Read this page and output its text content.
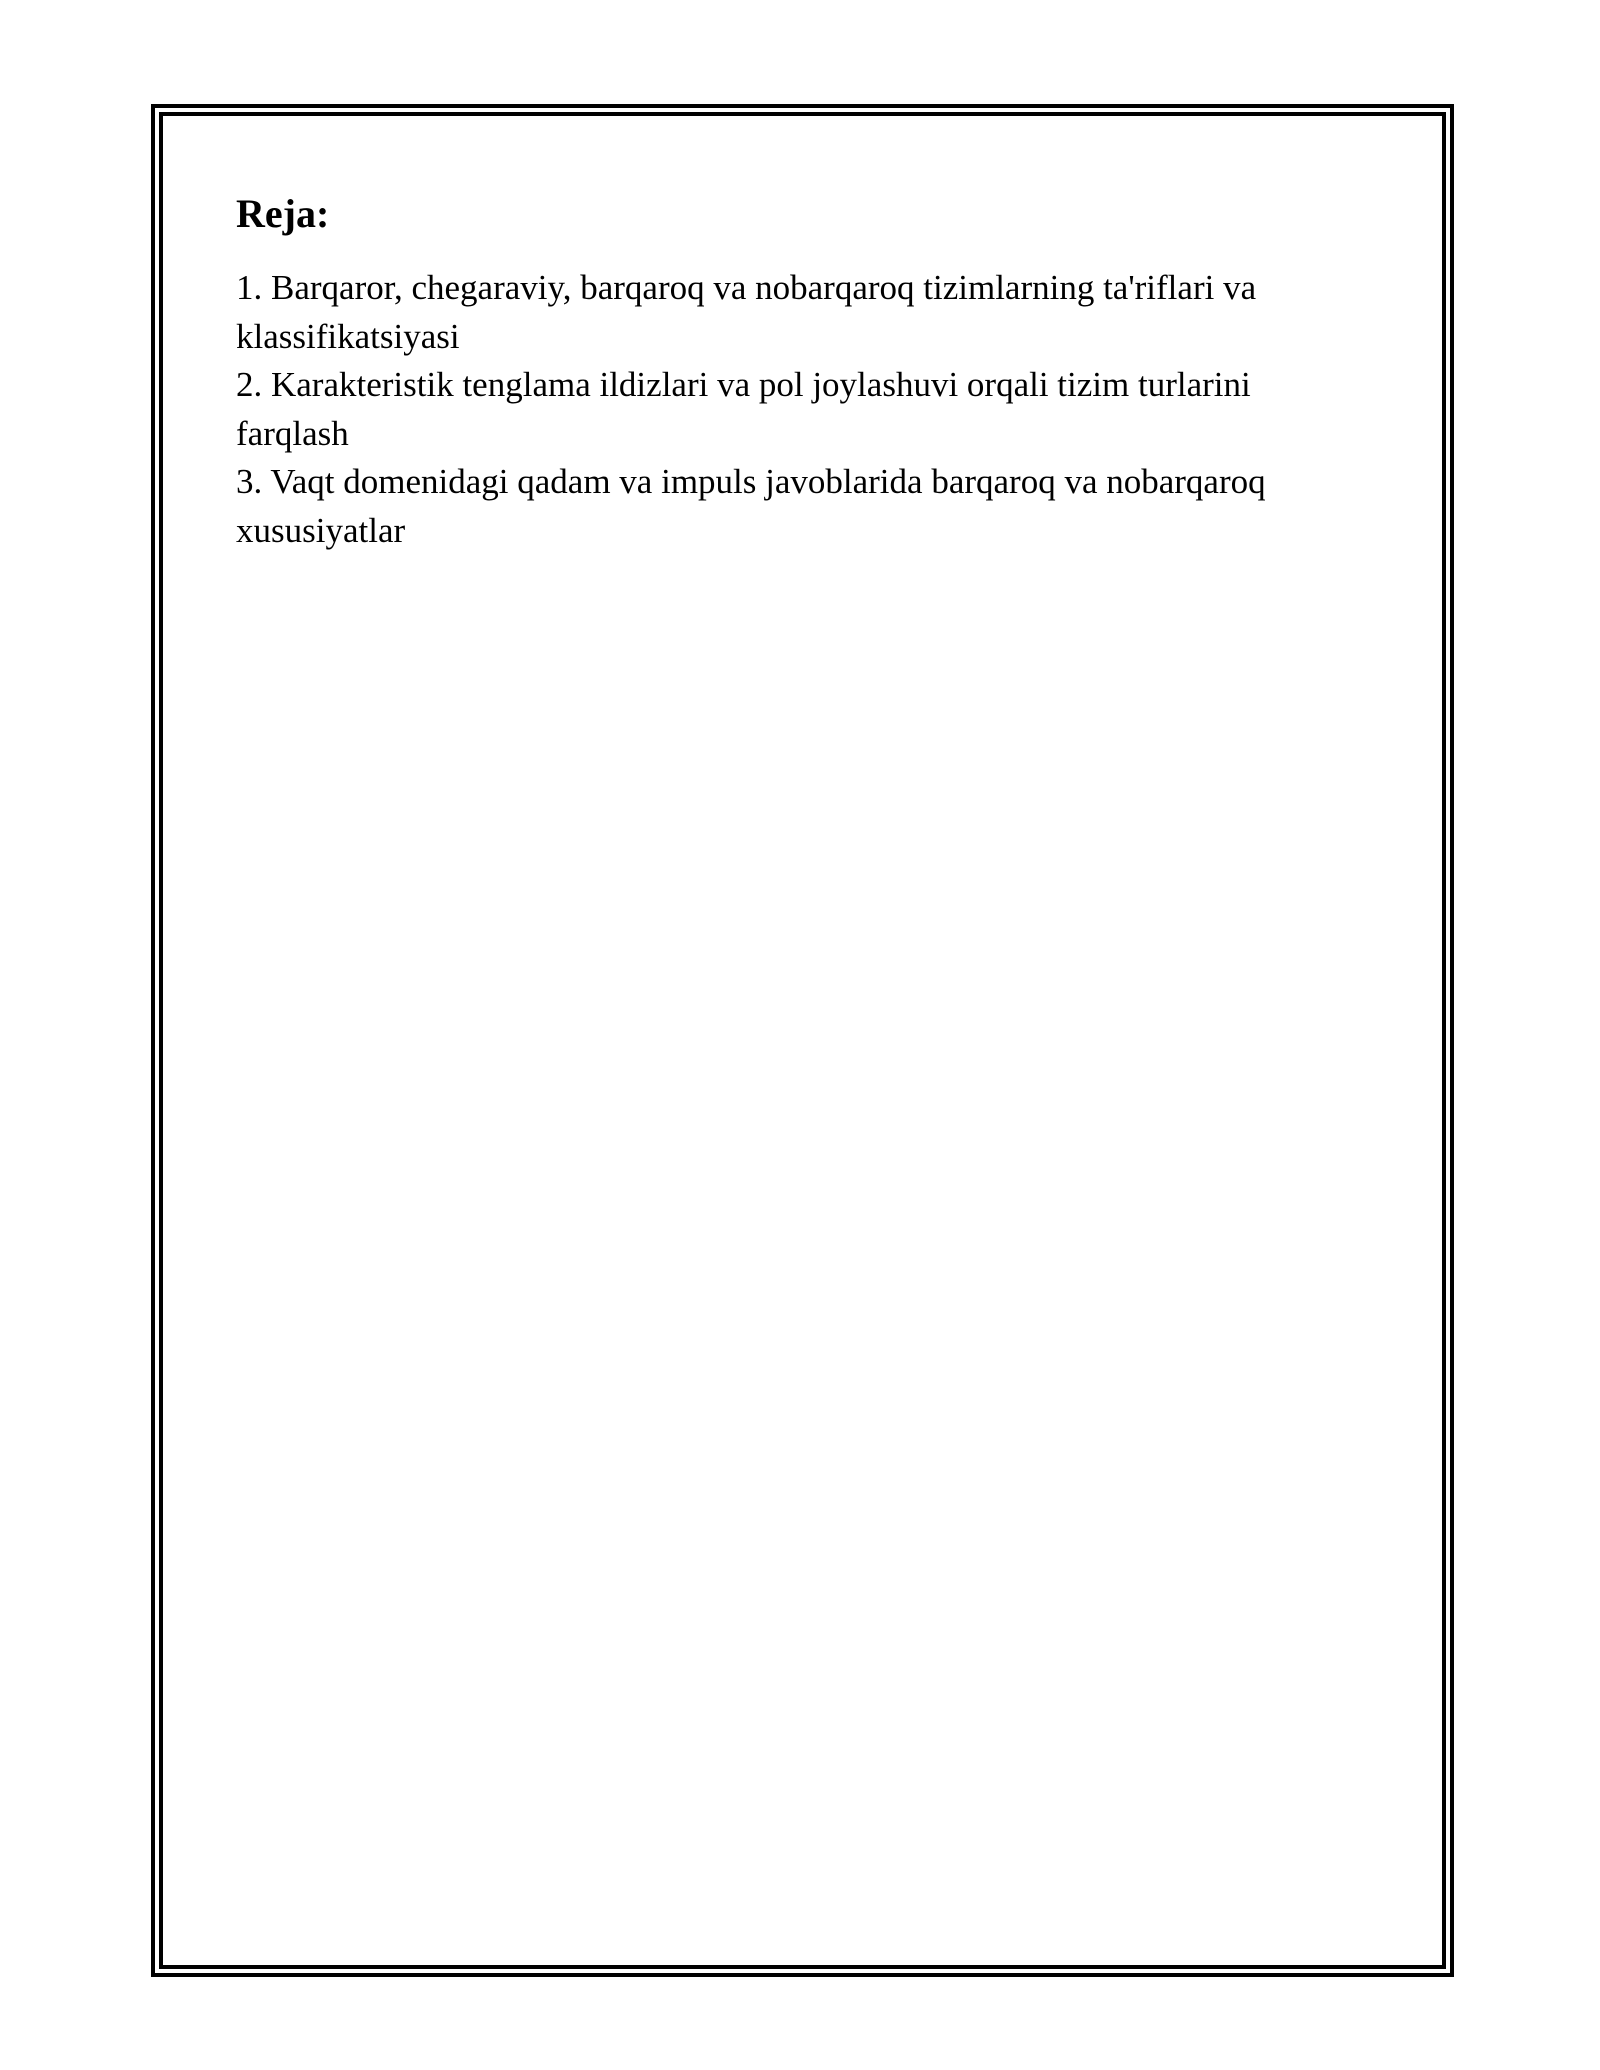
Reja:
1. Barqaror, chegaraviy, barqaroq va nobarqaroq tizimlarning ta'riflari va klassifikatsiyasi
2. Karakteristik tenglama ildizlari va pol joylashuvi orqali tizim turlarini farqlash
3. Vaqt domenidagi qadam va impuls javoblarida barqaroq va nobarqaroq xususiyatlar
